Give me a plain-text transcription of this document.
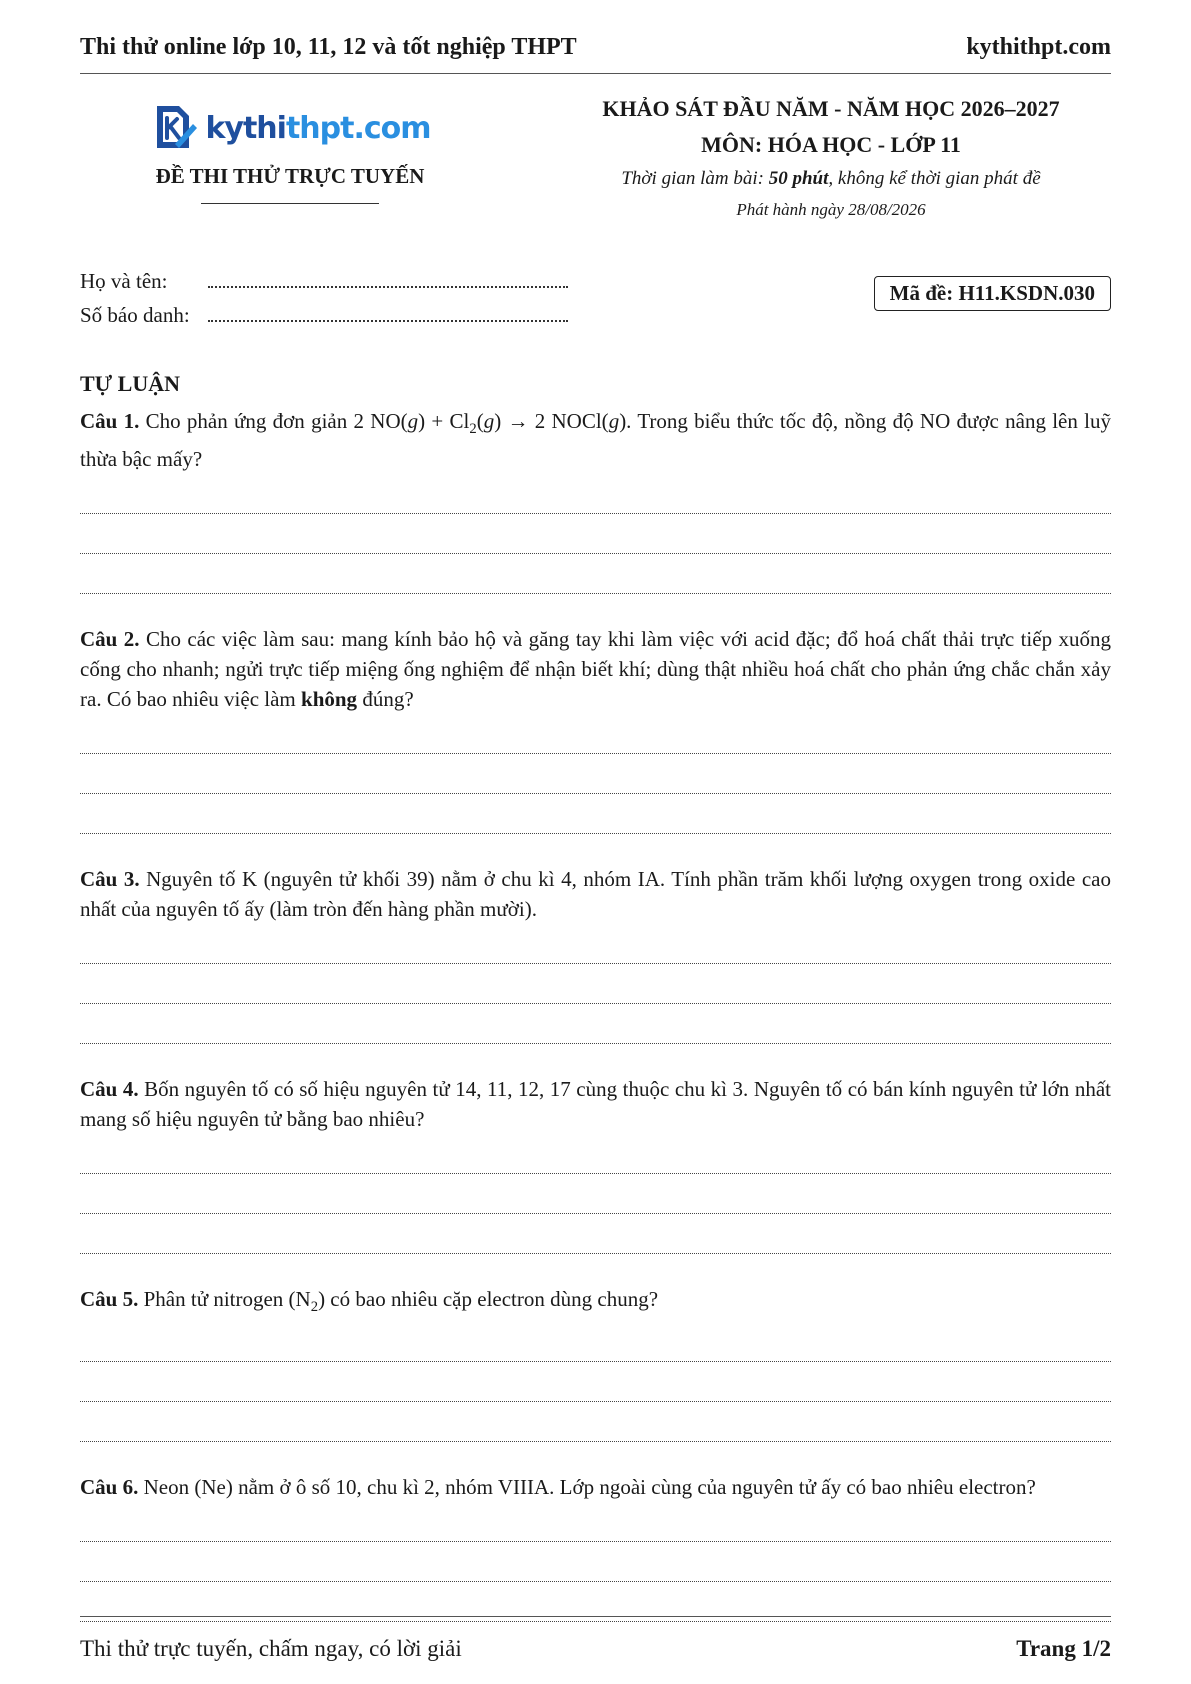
Thi thử online lớp 10, 11, 12 và tốt nghiệp THPT	kythithpt.com
kythithpt.com
ĐỀ THI THỬ TRỰC TUYẾN
KHẢO SÁT ĐẦU NĂM - NĂM HỌC 2026–2027
MÔN: HÓA HỌC - LỚP 11
Thời gian làm bài: 50 phút, không kể thời gian phát đề
Phát hành ngày 28/08/2026
Họ và tên:
Số báo danh:
Mã đề: H11.KSDN.030
TỰ LUẬN

Câu 1. Cho phản ứng đơn giản 2 $NO(g) + Cl_2(g) \to 2$ NOCl(g). Trong biểu thức tốc độ, nồng độ NO được nâng lên luỹ thừa bậc mấy?

Câu 2. Cho các việc làm sau: mang kính bảo hộ và găng tay khi làm việc với acid đặc; đổ hoá chất thải trực tiếp xuống cống cho nhanh; ngửi trực tiếp miệng ống nghiệm để nhận biết khí; dùng thật nhiều hoá chất cho phản ứng chắc chắn xảy ra. Có bao nhiêu việc làm không đúng?

Câu 3. Nguyên tố K (nguyên tử khối 39) nằm ở chu kì 4, nhóm IA. Tính phần trăm khối lượng oxygen trong oxide cao nhất của nguyên tố ấy (làm tròn đến hàng phần mười).

Câu 4. Bốn nguyên tố có số hiệu nguyên tử 14, 11, 12, 17 cùng thuộc chu kì 3. Nguyên tố có bán kính nguyên tử lớn nhất mang số hiệu nguyên tử bằng bao nhiêu?

Câu 5. Phân tử nitrogen $(N_2)$ có bao nhiêu cặp electron dùng chung?

Câu 6. Neon (Ne) nằm ở ô số 10, chu kì 2, nhóm VIIIA. Lớp ngoài cùng của nguyên tử ấy có bao nhiêu electron?

Thi thử trực tuyến, chấm ngay, có lời giải	Trang 1/2
